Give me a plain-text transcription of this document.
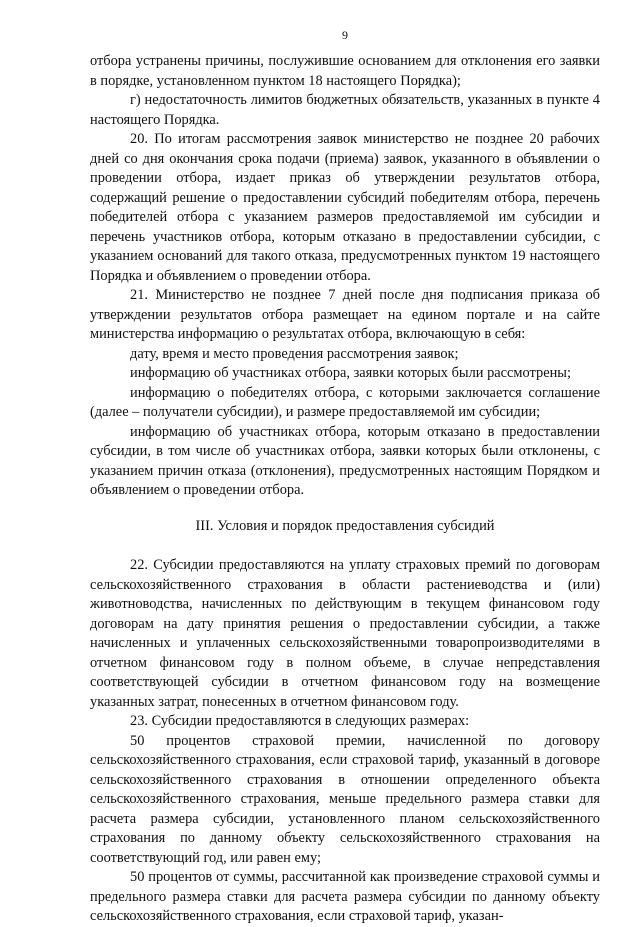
9

отбора устранены причины, послужившие основанием для отклонения его заявки в порядке, установленном пунктом 18 настоящего Порядка);

г) недостаточность лимитов бюджетных обязательств, указанных в пункте 4 настоящего Порядка.

20. По итогам рассмотрения заявок министерство не позднее 20 рабочих дней со дня окончания срока подачи (приема) заявок, указанного в объявлении о проведении отбора, издает приказ об утверждении результатов отбора, содержащий решение о предоставлении субсидий победителям отбора, перечень победителей отбора с указанием размеров предоставляемой им субсидии и перечень участников отбора, которым отказано в предоставлении субсидии, с указанием оснований для такого отказа, предусмотренных пунктом 19 настоящего Порядка и объявлением о проведении отбора.

21. Министерство не позднее 7 дней после дня подписания приказа об утверждении результатов отбора размещает на едином портале и на сайте министерства информацию о результатах отбора, включающую в себя:

дату, время и место проведения рассмотрения заявок;

информацию об участниках отбора, заявки которых были рассмотрены;

информацию о победителях отбора, с которыми заключается соглашение (далее – получатели субсидии), и размере предоставляемой им субсидии;

информацию об участниках отбора, которым отказано в предоставлении субсидии, в том числе об участниках отбора, заявки которых были отклонены, с указанием причин отказа (отклонения), предусмотренных настоящим Порядком и объявлением о проведении отбора.

III. Условия и порядок предоставления субсидий

22. Субсидии предоставляются на уплату страховых премий по договорам сельскохозяйственного страхования в области растениеводства и (или) животноводства, начисленных по действующим в текущем финансовом году договорам на дату принятия решения о предоставлении субсидии, а также начисленных и уплаченных сельскохозяйственными товаропроизводителями в отчетном финансовом году в полном объеме, в случае непредставления соответствующей субсидии в отчетном финансовом году на возмещение указанных затрат, понесенных в отчетном финансовом году.

23. Субсидии предоставляются в следующих размерах:

50 процентов страховой премии, начисленной по договору сельскохозяйственного страхования, если страховой тариф, указанный в договоре сельскохозяйственного страхования в отношении определенного объекта сельскохозяйственного страхования, меньше предельного размера ставки для расчета размера субсидии, установленного планом сельскохозяйственного страхования по данному объекту сельскохозяйственного страхования на соответствующий год, или равен ему;

50 процентов от суммы, рассчитанной как произведение страховой суммы и предельного размера ставки для расчета размера субсидии по данному объекту сельскохозяйственного страхования, если страховой тариф, указан-
